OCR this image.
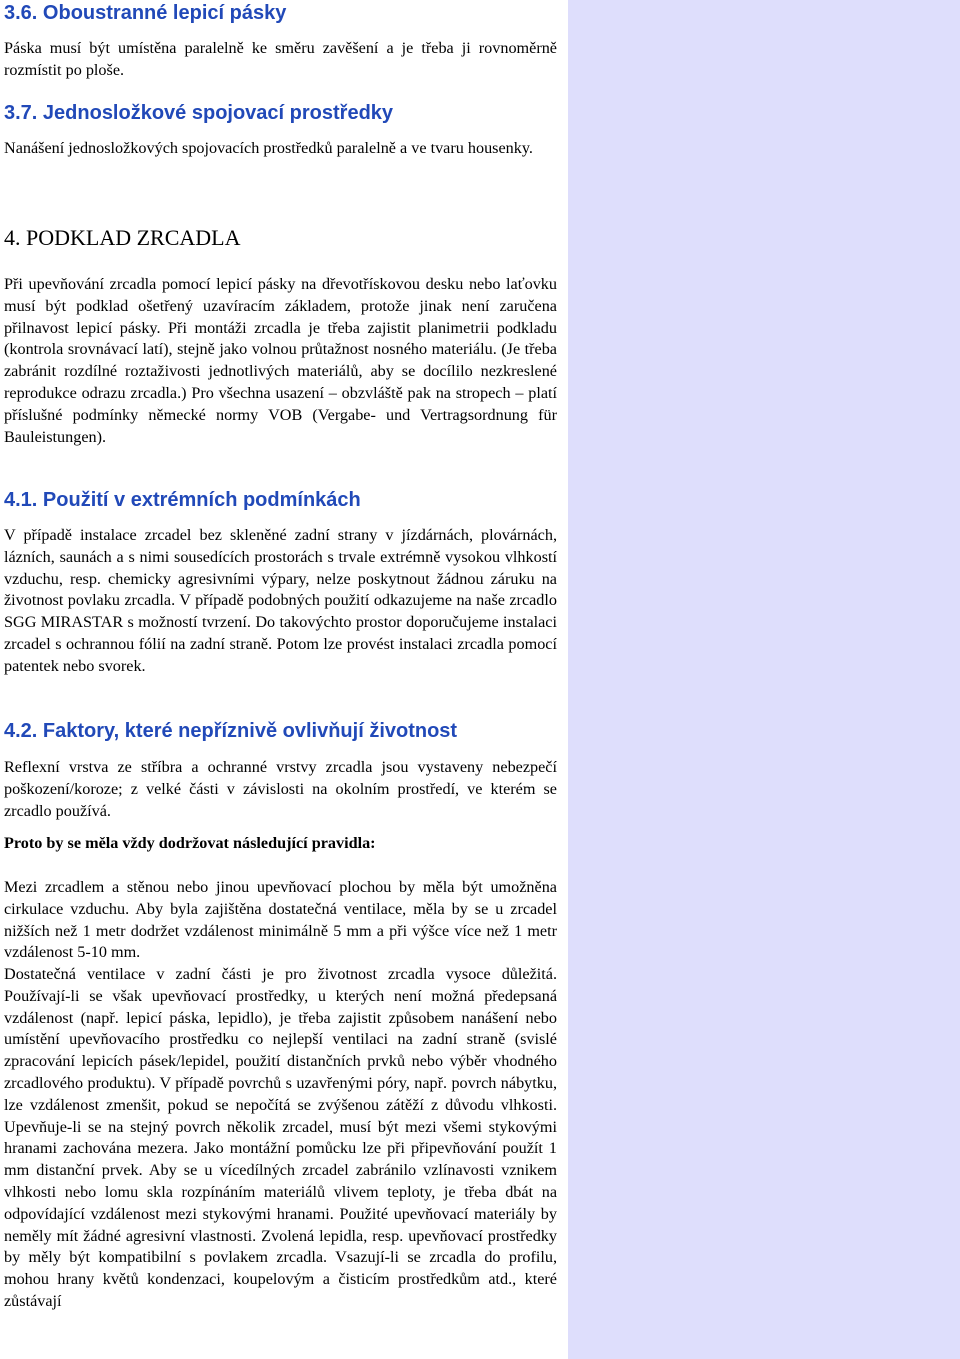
3.6. Oboustranné lepicí pásky

Páska musí být umístěna paralelně ke směru zavěšení a je třeba ji rovnoměrně rozmístit po ploše.

3.7. Jednosložkové spojovací prostředky

Nanášení jednosložkových spojovacích prostředků paralelně a ve tvaru housenky.

4. PODKLAD ZRCADLA

Při upevňování zrcadla pomocí lepicí pásky na dřevotřískovou desku nebo laťovku musí být podklad ošetřený uzavíracím základem, protože jinak není zaručena přilnavost lepicí pásky. Při montáži zrcadla je třeba zajistit planimetrii podkladu (kontrola srovnávací latí), stejně jako volnou průtažnost nosného materiálu. (Je třeba zabránit rozdílné roztaživosti jednotlivých materiálů, aby se docílilo nezkreslené reprodukce odrazu zrcadla.) Pro všechna usazení – obzvláště pak na stropech – platí příslušné podmínky německé normy VOB (Vergabe- und Vertragsordnung für Bauleistungen).

4.1. Použití v extrémních podmínkách

V případě instalace zrcadel bez skleněné zadní strany v jízdárnách, plovárnách, lázních, saunách a s nimi sousedících prostorách s trvale extrémně vysokou vlhkostí vzduchu, resp. chemicky agresivními výpary, nelze poskytnout žádnou záruku na životnost povlaku zrcadla. V případě podobných použití odkazujeme na naše zrcadlo SGG MIRASTAR s možností tvrzení. Do takovýchto prostor doporučujeme instalaci zrcadel s ochrannou fólií na zadní straně. Potom lze provést instalaci zrcadla pomocí patentek nebo svorek.

4.2. Faktory, které nepříznivě ovlivňují životnost

Reflexní vrstva ze stříbra a ochranné vrstvy zrcadla jsou vystaveny nebezpečí poškození/koroze; z velké části v závislosti na okolním prostředí, ve kterém se zrcadlo používá.

Proto by se měla vždy dodržovat následující pravidla:

Mezi zrcadlem a stěnou nebo jinou upevňovací plochou by měla být umožněna cirkulace vzduchu. Aby byla zajištěna dostatečná ventilace, měla by se u zrcadel nižších než 1 metr dodržet vzdálenost minimálně 5 mm a při výšce více než 1 metr vzdálenost 5-10 mm.

Dostatečná ventilace v zadní části je pro životnost zrcadla vysoce důležitá. Používají-li se však upevňovací prostředky, u kterých není možná předepsaná vzdálenost (např. lepicí páska, lepidlo), je třeba zajistit způsobem nanášení nebo umístění upevňovacího prostředku co nejlepší ventilaci na zadní straně (svislé zpracování lepicích pásek/lepidel, použití distančních prvků nebo výběr vhodného zrcadlového produktu). V případě povrchů s uzavřenými póry, např. povrch nábytku, lze vzdálenost zmenšit, pokud se nepočítá se zvýšenou zátěží z důvodu vlhkosti. Upevňuje-li se na stejný povrch několik zrcadel, musí být mezi všemi stykovými hranami zachována mezera. Jako montážní pomůcku lze při připevňování použít 1 mm distanční prvek. Aby se u vícedílných zrcadel zabránilo vzlínavosti vznikem vlhkosti nebo lomu skla rozpínáním materiálů vlivem teploty, je třeba dbát na odpovídající vzdálenost mezi stykovými hranami. Použité upevňovací materiály by neměly mít žádné agresivní vlastnosti. Zvolená lepidla, resp. upevňovací prostředky by měly být kompatibilní s povlakem zrcadla. Vsazují-li se zrcadla do profilu, mohou hrany květů kondenzaci, koupelovým a čisticím prostředkům atd., které zůstávají
